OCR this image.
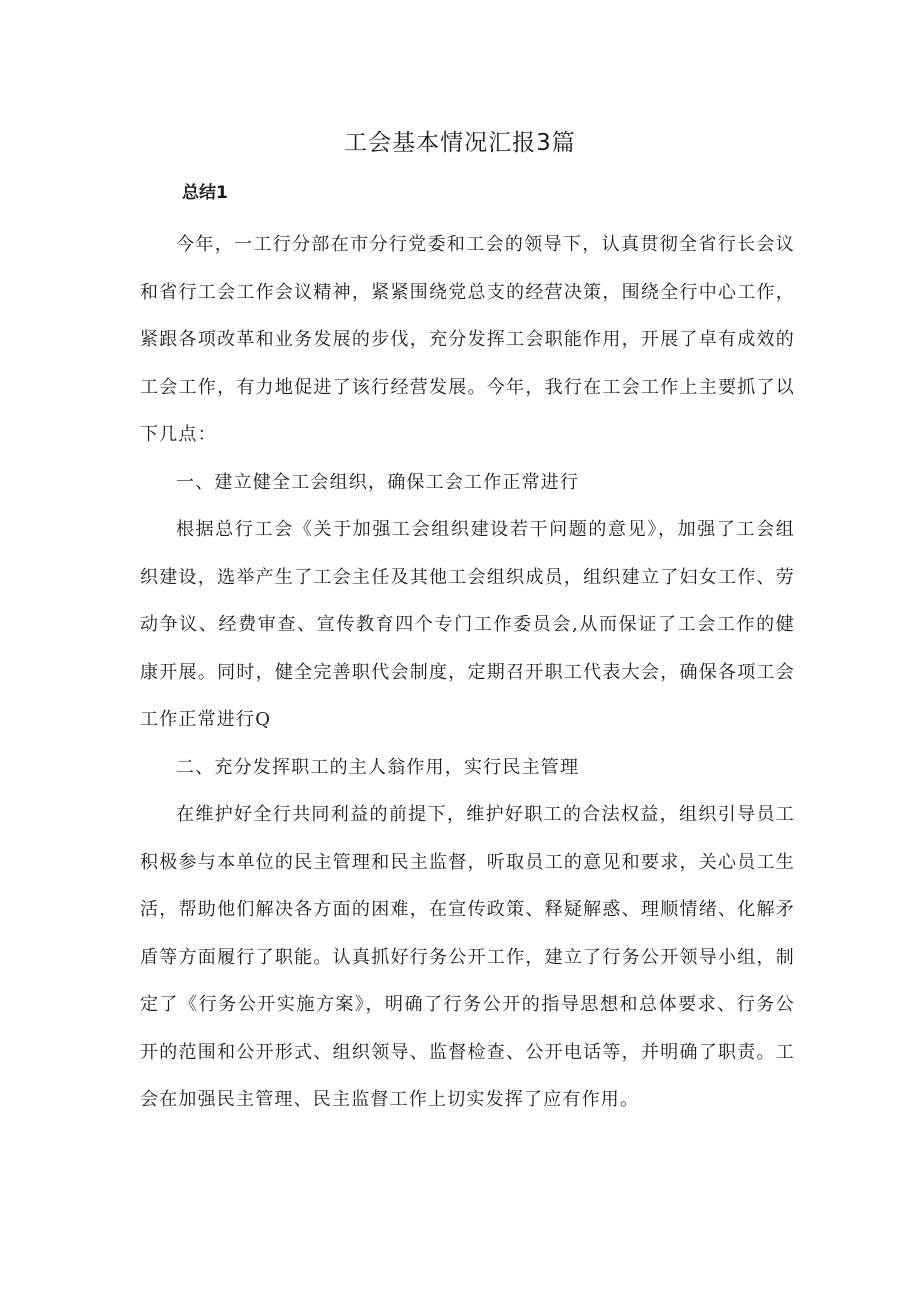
工会基本情况汇报3篇
总结1

今年，一工行分部在市分行党委和工会的领导下，认真贯彻全省行长会议和省行工会工作会议精神，紧紧围绕党总支的经营决策，围绕全行中心工作，紧跟各项改革和业务发展的步伐，充分发挥工会职能作用，开展了卓有成效的工会工作，有力地促进了该行经营发展。今年，我行在工会工作上主要抓了以下几点：

一、建立健全工会组织，确保工会工作正常进行

根据总行工会《关于加强工会组织建设若干问题的意见》，加强了工会组织建设，选举产生了工会主任及其他工会组织成员，组织建立了妇女工作、劳动争议、经费审查、宣传教育四个专门工作委员会,从而保证了工会工作的健康开展。同时，健全完善职代会制度，定期召开职工代表大会，确保各项工会工作正常进行Q

二、充分发挥职工的主人翁作用，实行民主管理

在维护好全行共同利益的前提下，维护好职工的合法权益，组织引导员工积极参与本单位的民主管理和民主监督，听取员工的意见和要求，关心员工生活，帮助他们解决各方面的困难，在宣传政策、释疑解惑、理顺情绪、化解矛盾等方面履行了职能。认真抓好行务公开工作，建立了行务公开领导小组，制定了《行务公开实施方案》，明确了行务公开的指导思想和总体要求、行务公开的范围和公开形式、组织领导、监督检查、公开电话等，并明确了职责。工会在加强民主管理、民主监督工作上切实发挥了应有作用。
